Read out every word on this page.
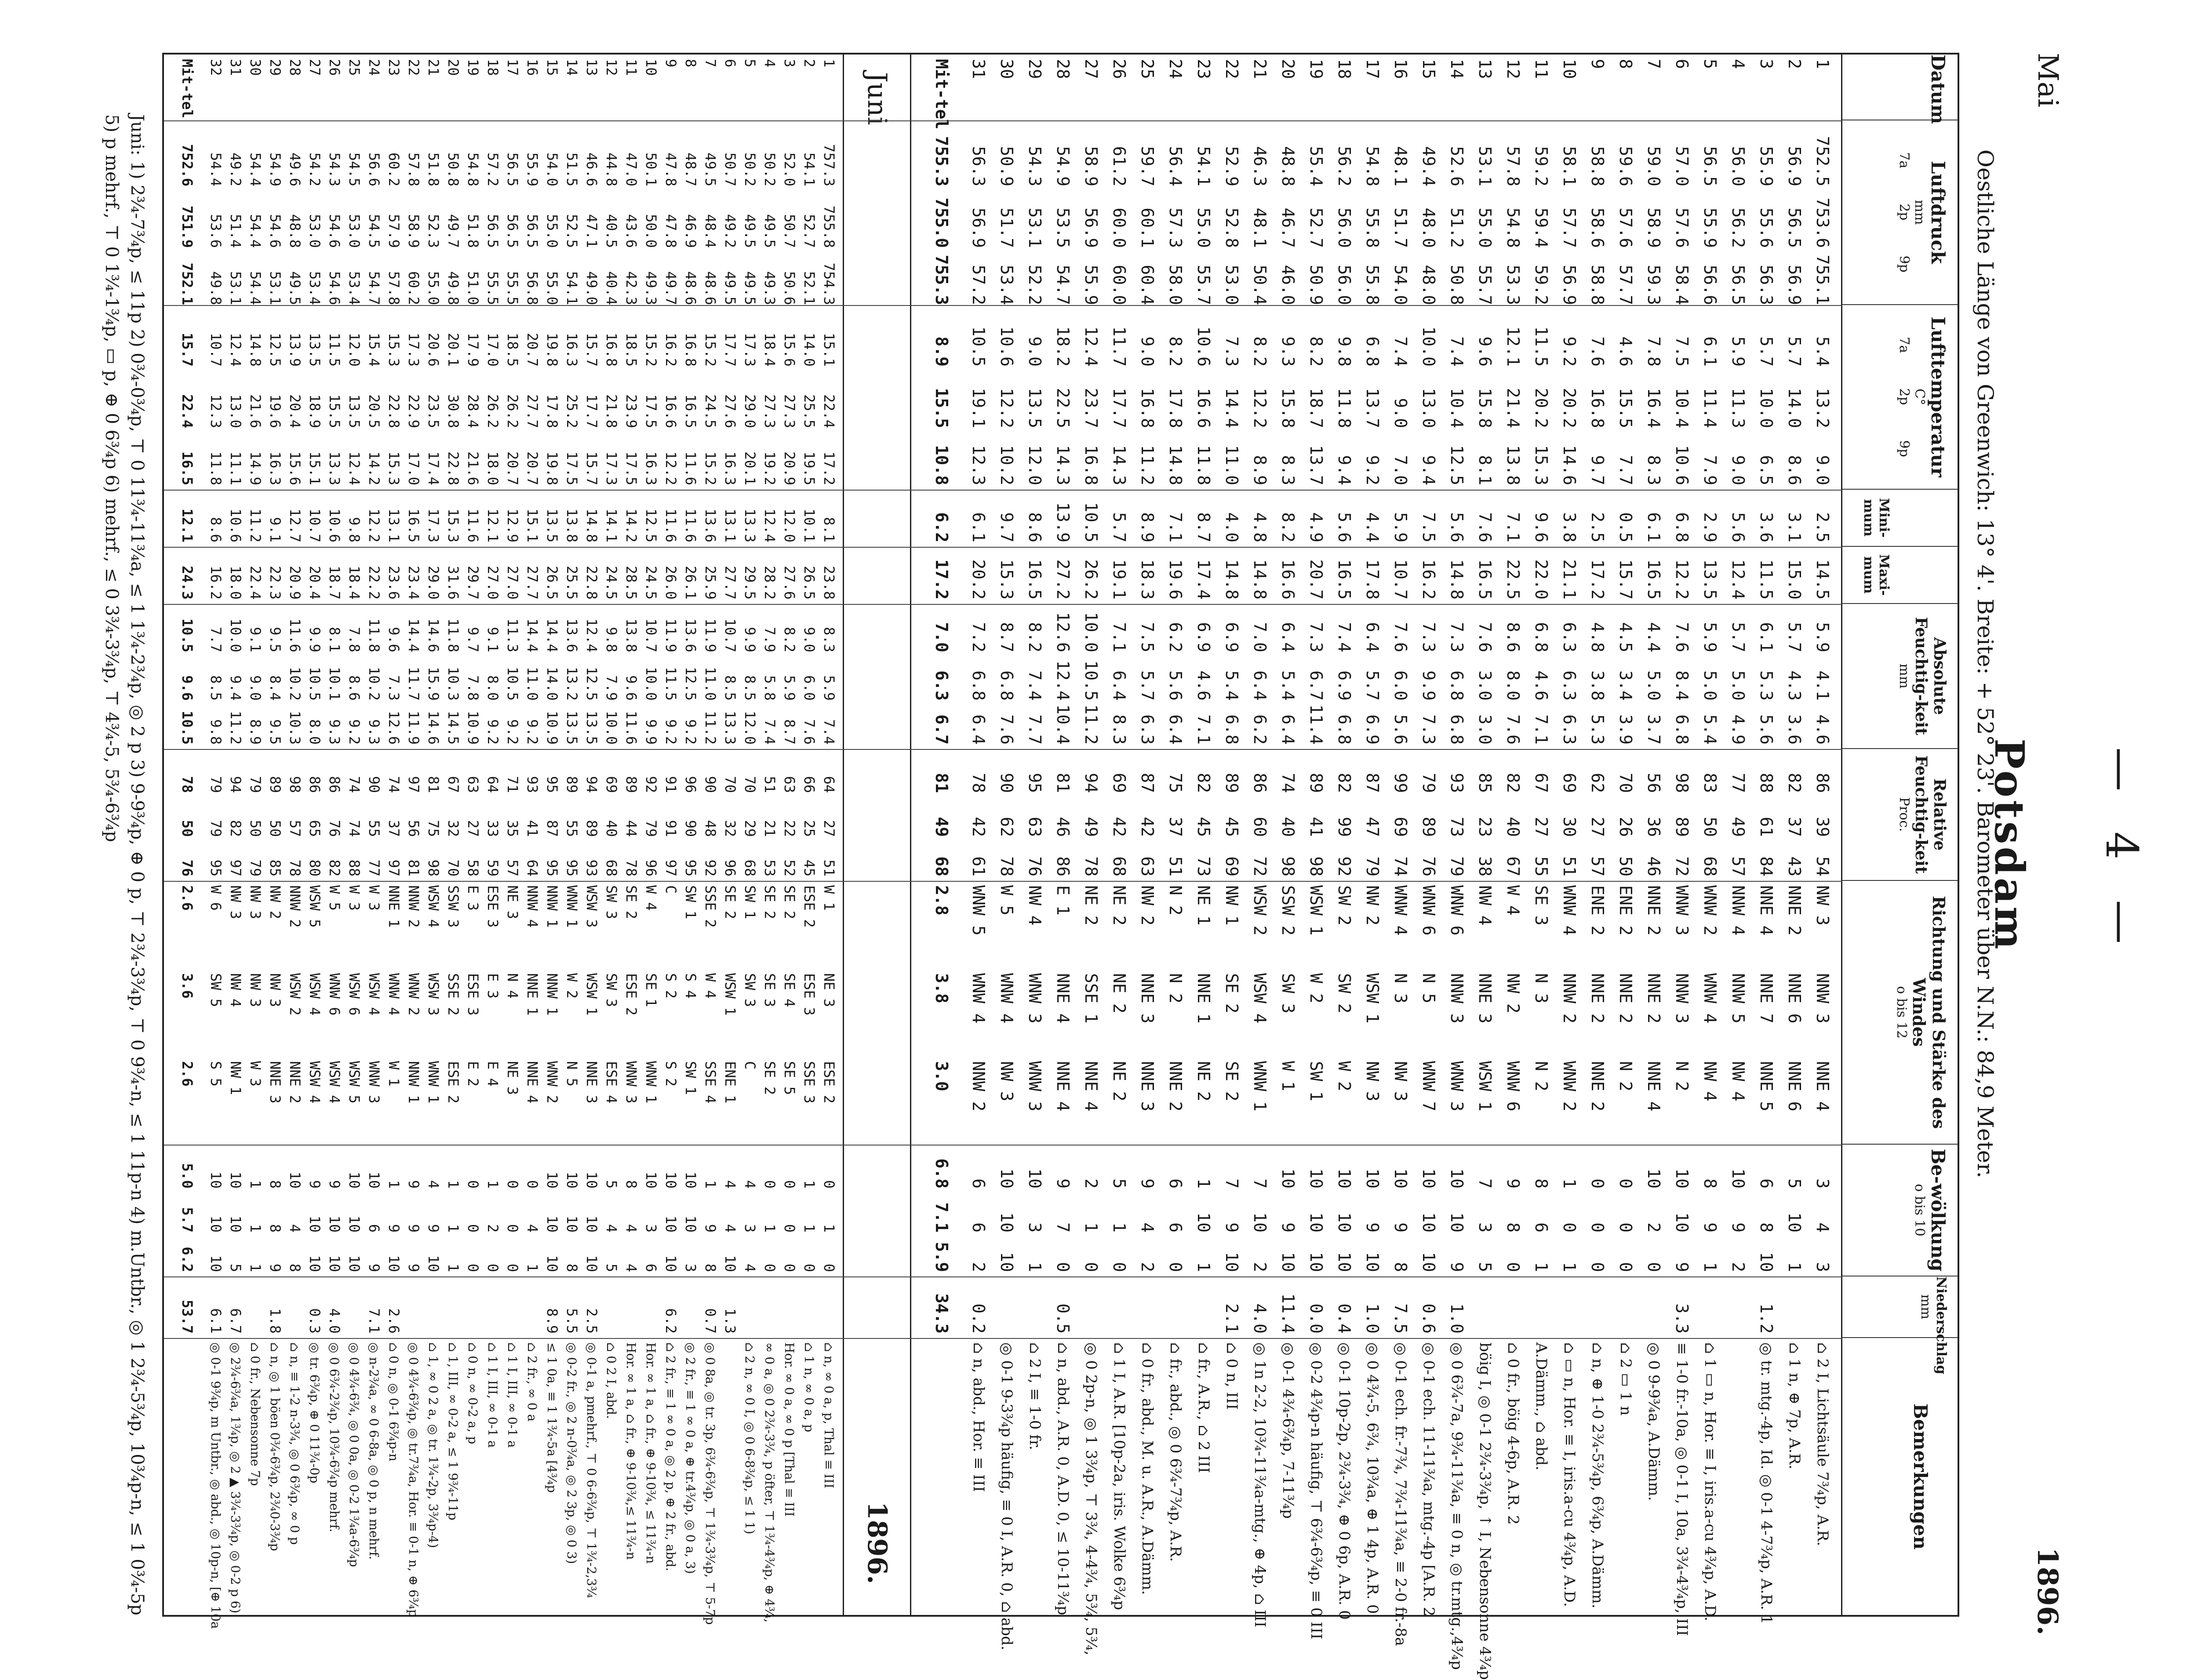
— 4 —
Mai
Potsdam
1896.
Oestliche Länge von Greenwich: 13° 4'. Breite: + 52° 23'. Barometer über N.N.: 84,9 Meter.
Datum
Luftdruck
mm
7a2p9p
Lufttemperatur
C°
7a2p9p
Mini-mum
Maxi-mum
Absolute Feuchtig-keit
mm
Relative Feuchtig-keit
Proc.
Richtung und Stärke des Windes
o bis 12
Be-wölkung
o bis 10
Niederschlag
mm
Bemerkungen
1
752.5
753.6
755.1
5.4
13.2
9.0
2.5
14.5
5.9
4.1
4.6
86
39
54
NW 3
NNW 3
NNE 4
3
4
3
⌂ 2 I, Lichtsäule 7¾p, A.R.
2
56.9
56.5
56.9
5.7
14.0
8.6
3.1
15.0
5.7
4.3
3.6
82
37
43
NNE 2
NNE 6
NNE 6
5
10
1
⌂ 1 n, ⊕ 7p, A.R.
3
55.9
55.6
56.3
5.7
10.0
6.5
3.6
11.5
6.1
5.3
5.6
88
61
84
NNE 4
NNE 7
NNE 5
6
8
10
1.2
◎ tr. mtg.-4p, Id. ◎ 0-1 4-7¾p, A.R. 1
4
56.0
56.2
56.5
5.9
11.3
9.0
5.6
12.4
5.7
5.0
4.9
77
49
57
NNW 4
NNW 5
NW 4
10
9
2
5
56.5
55.9
56.6
6.1
11.4
7.9
2.9
13.5
5.9
5.0
5.4
83
50
68
WNW 2
WNW 4
NW 4
8
9
1
⌂ 1 ▭ n, Hor. ≡ I, iris.a-cu 4¾p, A.D.
6
57.0
57.6
58.4
7.5
10.4
10.6
6.8
12.2
7.6
8.4
6.8
98
89
72
WNW 3
NNW 3
N 2
10
10
9
3.3
≡ 1-0 fr.-10a, ◎ 0-1 I, 10a, 3¾-4¾p, III
7
59.0
58.9
59.3
7.8
16.4
8.3
6.1
16.5
4.4
5.0
3.7
56
36
46
NNE 2
NNE 2
NNE 4
10
2
0
◎ 0 9-9¾a, A.Dämm.
8
59.6
57.6
57.7
4.6
15.5
7.7
0.5
15.7
4.5
3.4
3.9
70
26
50
ENE 2
NNE 2
N 2
0
0
0
⌂ 2 ▭ 1 n
9
58.8
58.6
58.8
7.6
16.8
9.7
2.5
17.2
4.8
3.8
5.3
62
27
57
ENE 2
NNE 2
NNE 2
0
0
0
⌂ n, ⊕ 1-0 2¾-5¾p, 6¾p, A.Dämm.
10
58.1
57.7
56.9
9.2
20.2
14.6
3.8
21.1
6.3
6.3
6.3
69
30
51
WNW 4
NNW 2
WNW 2
1
0
1
⌂ ▭ n, Hor. ≡ I, iris.a-cu 4¾p, A.D.
11
59.2
59.4
59.2
11.5
20.2
15.3
9.6
22.0
6.8
4.6
7.1
67
27
55
SE 3
N 3
N 2
8
6
1
A.Dämm., ⌂ abd.
12
57.8
54.8
53.3
12.1
21.4
13.8
7.1
22.5
8.6
8.0
7.6
82
40
67
W 4
NW 2
WNW 6
9
8
0
⌂ 0 fr., böig 4-6p, A.R. 2
13
53.1
55.0
55.7
9.6
15.8
8.1
7.6
16.5
7.6
3.0
3.0
85
23
38
NW 4
NNE 3
WSW 1
7
3
5
böig I, ◎ 0-1 2¾-3¾p, ↑ I, Nebensonne 4¾p
14
52.6
51.2
50.8
7.4
10.4
12.5
5.6
14.8
7.3
6.8
6.8
93
73
79
WNW 6
NNW 3
WNW 3
10
10
9
1.0
◎ 0 6¾-7a, 9¾-11¾a, ≡ 0 n, ◎ tr.mtg.,4¾p
15
49.4
48.0
48.0
10.0
13.0
9.4
7.5
16.2
7.3
9.9
7.3
79
89
76
WNW 6
N 5
WNW 7
10
10
10
0.6
◎ 0-1 ech. 11-11¾a, mtg.-4p [A.R. 2
16
48.1
51.7
54.0
7.4
9.0
7.0
5.9
10.7
7.6
6.0
5.6
99
69
74
WNW 4
N 3
NW 3
10
9
8
7.5
◎ 0-1 ech. fr.-7¾, 7¾-11¾a, ≡ 2-0 fr.-8a
17
54.8
55.8
55.8
6.8
13.7
9.2
4.4
17.8
6.4
5.7
6.9
87
47
79
NW 2
WSW 1
NW 3
10
9
10
1.0
◎ 0 4¾-5, 6¾, 10¾a, ⊕ 1 4p, A.R. 0
18
56.2
56.0
56.0
9.8
11.8
9.4
5.6
16.5
7.4
6.9
6.8
82
99
92
SW 2
SW 2
W 2
10
10
10
0.4
◎ 0-1 10p-2p, 2¾-3¾, ⊕ 0 6p, A.R. 0
19
55.4
52.7
50.9
8.2
18.7
13.7
4.9
20.7
7.3
6.7
11.4
89
41
98
WSW 1
W 2
SW 1
10
10
10
0.0
◎ 0-2 4¾p-n häufig, ⊤ 6¾-6¾p, ≡ 0 III
20
48.8
46.7
46.0
9.3
15.8
8.3
8.2
16.6
6.4
5.4
6.4
74
40
98
SSW 2
SW 3
W 1
10
9
10
11.4
◎ 0-1 4¾-6¾p, 7-11¾p
21
46.3
48.1
50.4
8.2
12.2
8.9
4.8
14.8
7.0
6.4
6.2
86
60
72
WSW 2
WSW 4
WNW 1
7
10
2
4.0
◎ 1n 2-2, 10¾-11¾a-mtg., ⊕ 4p, ⌂ III
22
52.9
52.8
53.0
7.3
14.4
11.0
4.0
14.8
6.9
5.4
6.8
89
45
69
NW 1
SE 2
SE 2
7
9
10
2.1
⌂ 0 n, III
23
54.1
55.0
55.7
10.6
16.6
11.8
8.7
17.4
6.9
4.6
7.1
82
45
73
NE 1
NNE 1
NE 2
1
10
1
⌂ fr., A.R., ⌂ 2 III
24
56.4
57.3
58.0
8.2
17.8
14.8
7.1
19.6
6.2
5.6
6.4
75
37
51
N 2
N 2
NNE 2
6
6
0
⌂ fr., abd., ◎ 0 6¾-7¾p, A.R.
25
59.7
60.1
60.4
9.0
16.8
11.2
8.9
18.3
7.5
5.7
6.3
87
42
63
NW 2
NNE 3
NNE 3
9
4
2
⌂ 0 fr., abd., M. u. A.R., A.Dämm.
26
61.2
60.0
60.0
11.7
17.7
14.3
5.7
19.1
7.1
6.4
8.3
69
42
68
NE 2
NE 2
NE 2
5
1
0
⌂ 1 I, A.R. [10p-2a, iris. Wolke 6¾p
27
58.9
56.9
55.9
12.4
23.7
16.8
10.5
26.2
10.0
10.5
11.2
94
49
78
NE 2
SSE 1
NNE 4
2
1
0
◎ 0 2p-n, ◎ 1 3¾p, ⊤ 3¾, 4-4¾, 5¾, 5¾,
28
54.9
53.5
54.7
18.2
22.5
14.3
13.9
27.2
12.6
12.4
10.4
81
46
86
E 1
NNE 4
NNE 4
9
7
0
0.5
⌂ n, abd., A.R. 0, A.D. 0, ≤ 10-11¾p
29
54.3
53.1
52.2
9.0
13.5
12.0
8.6
16.5
8.2
7.4
7.7
95
63
76
NW 4
WNW 3
WNW 3
10
3
1
⌂ 2 I, ≡ 1-0 fr.
30
50.9
51.7
53.4
10.6
12.2
10.2
9.7
15.3
8.7
6.8
7.6
90
62
78
W 5
WNW 4
NW 3
10
10
10
◎ 0-1 9-3¾p häufig, ≡ 0 I, A.R. 0, ⌂ abd.
31
56.3
56.9
57.2
10.5
19.1
12.3
6.1
20.2
7.2
6.8
6.4
78
42
61
WNW 5
WNW 4
NNW 2
6
6
2
0.2
⌂ n, abd., Hor. ≡ III
Mit-tel
755.3
755.0
755.3
8.9
15.5
10.8
6.2
17.2
7.0
6.3
6.7
81
49
68
2.8
3.8
3.0
6.8
7.1
5.9
34.3
Juni
1896.
1
757.3
755.8
754.3
15.1
22.4
17.2
8.1
23.8
8.3
5.9
7.4
64
27
51
W 1
NE 3
ESE 2
0
1
0
⌂ n, ∞ 0 a, p, Thal ≡ III
2
54.1
52.7
52.1
14.0
25.5
19.5
10.1
26.5
9.0
6.0
7.6
66
25
45
ESE 2
ESE 3
SSE 3
1
1
0
⌂ 1 n, ∞ 0 a, p
3
52.0
50.7
50.6
15.6
27.3
20.9
12.0
27.6
8.2
5.9
8.7
63
22
52
SE 2
SE 4
SE 5
0
0
0
Hor. ∞ 0 a, ∞ 0 p [Thal ≡ III
4
50.2
49.5
49.3
18.4
27.3
19.2
12.4
28.2
7.9
5.8
7.4
51
21
53
SE 2
SE 3
SE 2
0
1
0
∞ 0 a, ◎ 0 2¾-3¾, p öfter, ⊤ 1¾-4¾p, ⊕ 4¾,
5
50.2
49.5
49.5
17.3
29.0
20.1
13.3
29.5
9.9
8.5
12.0
70
29
68
SW 1
SW 3
C
4
3
4
⌂ 2 n, ∞ 0 I, ◎ 0 6-8¾p, ≤ 1 1)
6
50.7
49.2
49.5
17.7
27.6
16.3
13.1
27.7
10.7
8.5
13.3
70
32
96
SE 2
WSW 1
ENE 1
4
4
10
1.3
7
49.5
48.4
48.6
15.2
24.5
15.2
13.6
25.9
11.9
11.0
11.2
90
48
92
SSE 2
W 4
SSE 4
1
9
8
0.7
◎ 0 8a, ◎ tr. 3p, 6¾-6¾p, ⊤ 1¾-3¾p, ⊤ 5-7p
8
48.7
46.9
48.6
16.8
16.5
11.6
11.6
26.1
13.6
12.5
9.2
96
90
95
SW 1
S 4
SW 1
10
10
3
◎ 2 fr., ≡ 1 ∞ 0 a, ⊕ tr.4¾p, ◎ 0 a, 3)
9
47.8
47.8
49.7
16.2
16.6
12.2
11.6
26.0
11.9
11.5
9.2
91
91
97
C
S 2
S 2
10
10
10
6.2
⌂ 2 fr., ≡ 1 ∞ 0 a, ◎ 2 p, ⊕ 2 fr., abd.
10
50.1
50.0
49.3
15.2
17.5
16.3
12.5
24.5
10.7
10.0
9.9
92
79
96
W 4
SE 1
WNW 1
10
3
6
Hor. ∞ 1 a, ⌂ fr., ⊕ 9-10¾, ≤ 11¾-n
11
47.0
43.6
42.3
18.5
23.9
17.5
14.2
28.5
13.8
9.6
11.6
89
44
78
SE 2
ESE 2
WNW 3
8
4
4
Hor. ∞ 1 a, ⌂ fr., ⊕ 9-10¾,≤ 11¾-n
12
44.8
40.5
40.4
16.8
21.8
17.3
14.1
24.5
9.8
7.9
10.0
69
40
68
SW 3
SW 3
ESE 4
5
4
5
⌂ 0 2 I, abd.
13
46.6
47.1
49.0
15.7
17.7
15.7
14.8
22.8
12.4
12.5
13.5
94
89
93
WSW 3
WSW 1
NNE 3
10
10
10
2.5
◎ 0-1 a, pmehrf., ⊤ 0 6-6¾p, ⊤ 1¾-2,3¾
14
51.5
52.5
54.1
16.3
25.2
17.5
13.8
25.5
13.6
13.2
13.5
89
55
95
WNW 1
W 2
N 5
10
10
8
5.5
◎ 0-2 fr., ◎ 2 n-0¾a, ◎ 2 3p, ◎ 0 3)
15
54.0
55.0
55.0
19.8
17.8
19.8
13.5
26.5
14.4
14.0
10.9
95
87
95
NNW 1
NNW 1
WNW 2
10
10
10
8.9
≤ 1 0a, ≡ 1 1¾-5a [4¾p
16
55.9
56.5
56.8
20.7
27.7
20.7
15.1
27.7
14.4
11.0
9.2
93
41
64
NNW 4
NNE 1
NNE 4
0
4
1
⌂ 2 fr., ∞ 0 a
17
56.5
56.5
55.5
18.5
26.2
20.7
12.9
27.0
11.3
10.5
9.2
71
35
57
NE 3
N 4
NE 3
0
0
0
⌂ 1 I, III, ∞ 0-1 a
18
57.2
56.5
55.5
17.0
26.2
18.0
12.1
27.0
9.1
8.0
9.2
64
33
59
ESE 3
E 3
E 4
1
2
0
⌂ 1 I, III, ∞ 0-1 a
19
54.8
51.8
51.0
17.9
28.4
21.6
11.6
29.7
9.7
7.8
10.9
63
27
58
E 3
ESE 3
E 2
0
0
0
⌂ 0 n, ∞ 0-2 a, p
20
50.8
49.7
49.8
20.1
30.8
22.8
15.3
31.6
11.8
10.3
14.5
67
32
70
SSW 3
SSE 2
ESE 2
1
1
1
⌂ 1, III, ∞ 0-2 a, ≤ 1 9¾-11p
21
51.8
52.3
55.0
20.6
23.5
17.4
17.3
29.0
14.6
15.9
14.6
81
75
98
WSW 4
WSW 3
WNW 1
4
9
10
⌂ 1, ∞ 0 2 a, ◎ tr. 1¾-2p, 3¾p-4)
22
57.8
58.9
60.2
17.3
22.9
17.0
16.5
23.4
14.4
11.7
11.9
97
56
81
NNW 2
WNW 2
NNW 1
9
9
9
◎ 0 4¾-6¾p, ◎ tr.7¾a, Hor. ≡ 0-1 n, ⊕ 6¾p
23
60.2
57.9
57.8
15.3
22.8
15.3
13.1
23.6
9.6
7.3
12.6
74
37
97
NNE 1
WNW 4
W 1
1
9
10
2.6
⌂ 0 n, ◎ 0-1 6¾p-n
24
56.6
54.5
54.7
15.4
20.5
14.2
12.2
22.2
11.8
10.2
9.3
90
55
77
W 3
WSW 4
WNW 3
10
6
9
7.1
◎ n-2¾a, ∞ 0 6-8a, ◎ 0 p, n mehrf.
25
54.5
53.0
53.4
12.0
13.5
12.4
9.8
18.4
7.8
8.6
9.2
74
74
88
W 3
WSW 6
WSW 5
10
10
10
◎ 0 4¾-6¾, ◎ 0 0a, ◎ 0-2 1¾a-6¾p
26
54.3
54.6
54.6
11.5
15.5
13.3
10.6
18.7
8.1
10.1
9.3
86
76
82
W 5
WNW 6
WSW 4
9
10
10
4.0
◎ 0 6¾-2¾p, 10¾-6¾p mehrf.
27
54.2
53.0
53.4
13.5
18.9
15.1
10.7
20.4
9.9
10.5
8.0
86
65
80
WSW 5
WSW 4
WSW 4
9
10
10
0.3
◎ tr. 6¾p, ⊕ 0 11¾-0p
28
49.6
48.8
49.5
13.9
20.4
15.6
12.7
20.9
11.6
10.2
10.3
98
57
78
NNW 2
WSW 2
NNE 2
10
4
8
⌂ n, ≡ 1-2 n-3¾, ◎ 0 6¾p, ∞ 0 p
29
54.9
54.6
53.1
12.5
19.6
16.3
9.1
22.3
9.5
8.4
9.5
89
50
85
NW 2
NW 3
NNE 3
8
8
9
1.8
⌂ n, ◎ 1 böen 0¾-6¾p, 2¾0-3¾p
30
54.4
54.4
54.4
14.8
21.6
14.9
11.2
22.4
9.1
9.0
8.9
79
50
79
NW 3
NW 3
W 3
1
1
1
⌂ 0 fr., Nebensonne 7p
31
49.2
51.4
53.1
12.4
13.0
11.1
10.6
18.0
10.0
9.4
11.2
94
82
97
NW 3
NW 4
NW 1
10
10
5
6.7
◎ 2¾-6¾a, 1¾p, ◎ 2 ▲ 3¾-3¾p, ◎ 0-2 p 6)
32
54.4
53.6
49.8
10.7
12.3
11.8
8.6
16.2
7.7
8.5
9.8
79
79
95
W 6
SW 5
S 5
10
10
10
6.1
◎ 0-1 9¾p, m Untbr., ◎ abd., ◎ 10p-n, [⊕ 10a
Mit-tel
752.6
751.9
752.1
15.7
22.4
16.5
12.1
24.3
10.5
9.6
10.5
78
50
76
2.6
3.6
2.6
5.0
5.7
6.2
53.7
Juni: 1) 2¾-7¾p, ≤ 11p 2) 0¾-0¾p, ⊤ 0 11¾-11¾a, ≤ 1 1¾-2¾p, ◎ 2 p 3) 9-9¾p, ⊕ 0 p, ⊤ 2¾-3¾p, ⊤ 0 9¾-n, ≤ 1 11p-n 4) m.Untbr., ◎ 1 2¾-5¾p, 10¾p-n, ≤ 1 0¾-5p
5) p mehrf., ⊤ 0 1¾-1¾p, ▭ p, ⊕ 0 6¾p 6) mehrf., ≤ 0 3¾-3¾p, ⊤ 4¾-5, 5¾-6¾p
